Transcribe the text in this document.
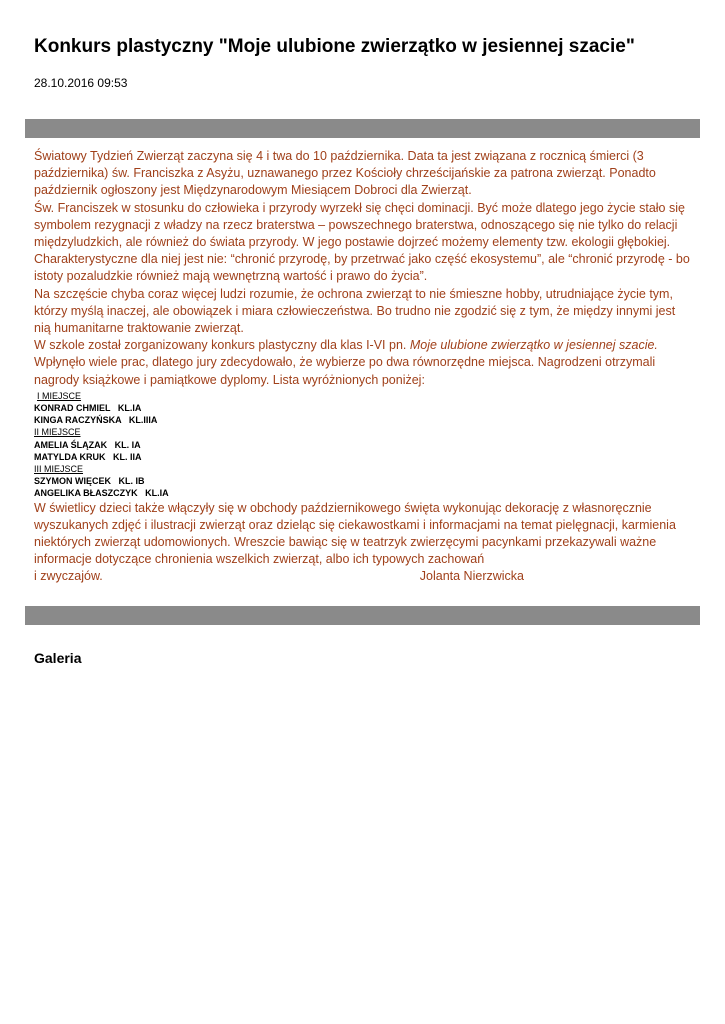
Konkurs plastyczny "Moje ulubione zwierzątko w jesiennej szacie"
28.10.2016 09:53

Światowy Tydzień Zwierząt zaczyna się 4 i twa do 10 października. Data ta jest związana z rocznicą śmierci (3 października) św. Franciszka z Asyżu, uznawanego przez Kościoły chrześcijańskie za patrona zwierząt. Ponadto październik ogłoszony jest Międzynarodowym Miesiącem Dobroci dla Zwierząt.

Św. Franciszek w stosunku do człowieka i przyrody wyrzekł się chęci dominacji. Być może dlatego jego życie stało się symbolem rezygnacji z władzy na rzecz braterstwa – powszechnego braterstwa, odnoszącego się nie tylko do relacji międzyludzkich, ale również do świata przyrody. W jego postawie dojrzeć możemy elementy tzw. ekologii głębokiej. Charakterystyczne dla niej jest nie: “chronić przyrodę, by przetrwać jako część ekosystemu”, ale “chronić przyrodę - bo istoty pozaludzkie również mają wewnętrzną wartość i prawo do życia”.

Na szczęście chyba coraz więcej ludzi rozumie, że ochrona zwierząt to nie śmieszne hobby, utrudniające życie tym, którzy myślą inaczej, ale obowiązek i miara człowieczeństwa. Bo trudno nie zgodzić się z tym, że między innymi jest nią humanitarne traktowanie zwierząt.

W szkole został zorganizowany konkurs plastyczny dla klas I-VI pn. Moje ulubione zwierzątko w jesiennej szacie.

Wpłynęło wiele prac, dlatego jury zdecydowało, że wybierze po dwa równorzędne miejsca. Nagrodzeni otrzymali nagrody książkowe i pamiątkowe dyplomy. Lista wyróżnionych poniżej:

I MIEJSCE
KONRAD CHMIEL   KL.IA
KINGA RACZYŃSKA   KL.IIIA
II MIEJSCE
AMELIA ŚLĄZAK   KL. IA
MATYLDA KRUK   KL. IIA
III MIEJSCE
SZYMON WIĘCEK   KL. IB
ANGELIKA BŁASZCZYK   KL.IA

W świetlicy dzieci także włączyły się w obchody październikowego święta wykonując dekorację z własnoręcznie wyszukanych zdjęć i ilustracji zwierząt oraz dzieląc się ciekawostkami i informacjami na temat pielęgnacji, karmienia niektórych zwierząt udomowionych. Wreszcie bawiąc się w teatrzyk zwierzęcymi pacynkami przekazywali ważne informacje dotyczące chronienia wszelkich zwierząt, albo ich typowych zachowań

i zwyczajów.	Jolanta Nierzwicka

Galeria
